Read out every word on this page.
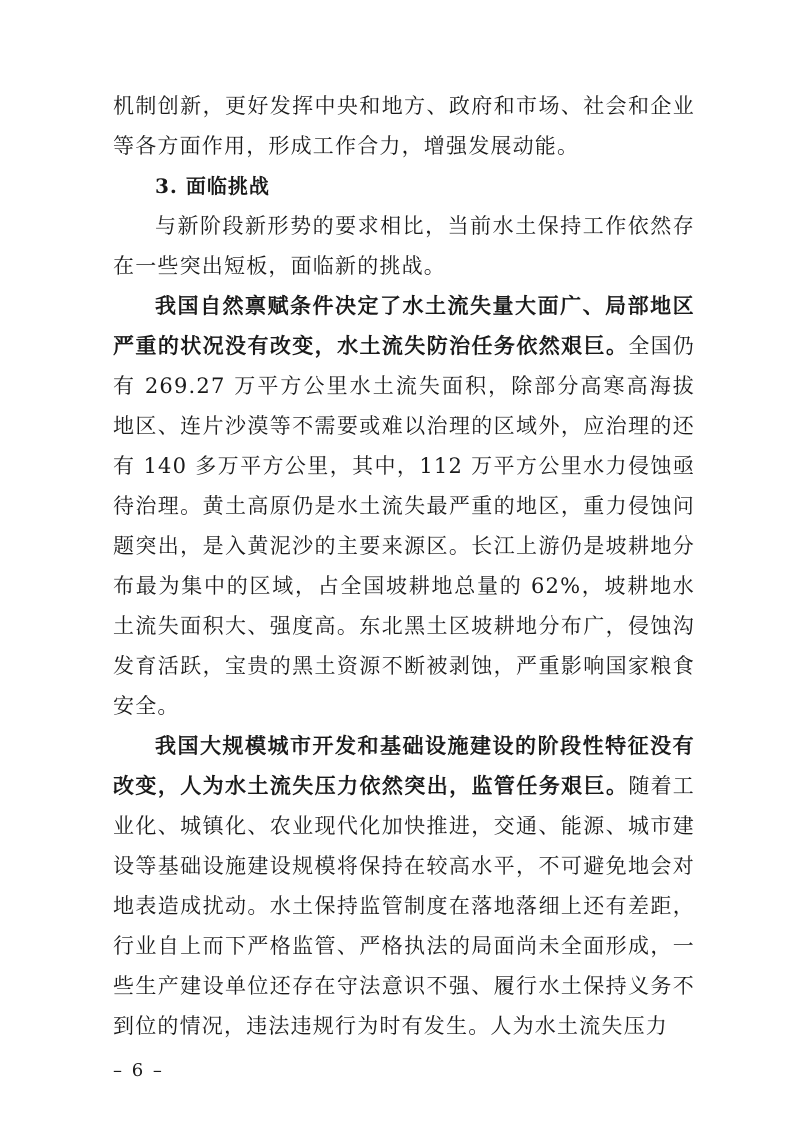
机制创新，更好发挥中央和地方、政府和市场、社会和企业等各方面作用，形成工作合力，增强发展动能。

3. 面临挑战

与新阶段新形势的要求相比，当前水土保持工作依然存在一些突出短板，面临新的挑战。

我国自然禀赋条件决定了水土流失量大面广、局部地区严重的状况没有改变，水土流失防治任务依然艰巨。全国仍有 269.27 万平方公里水土流失面积，除部分高寒高海拔地区、连片沙漠等不需要或难以治理的区域外，应治理的还有 140 多万平方公里，其中，112 万平方公里水力侵蚀亟待治理。黄土高原仍是水土流失最严重的地区，重力侵蚀问题突出，是入黄泥沙的主要来源区。长江上游仍是坡耕地分布最为集中的区域，占全国坡耕地总量的 62%，坡耕地水土流失面积大、强度高。东北黑土区坡耕地分布广，侵蚀沟发育活跃，宝贵的黑土资源不断被剥蚀，严重影响国家粮食安全。

我国大规模城市开发和基础设施建设的阶段性特征没有改变，人为水土流失压力依然突出，监管任务艰巨。随着工业化、城镇化、农业现代化加快推进，交通、能源、城市建设等基础设施建设规模将保持在较高水平，不可避免地会对地表造成扰动。水土保持监管制度在落地落细上还有差距，行业自上而下严格监管、严格执法的局面尚未全面形成，一些生产建设单位还存在守法意识不强、履行水土保持义务不到位的情况，违法违规行为时有发生。人为水土流失压力

– 6 –
